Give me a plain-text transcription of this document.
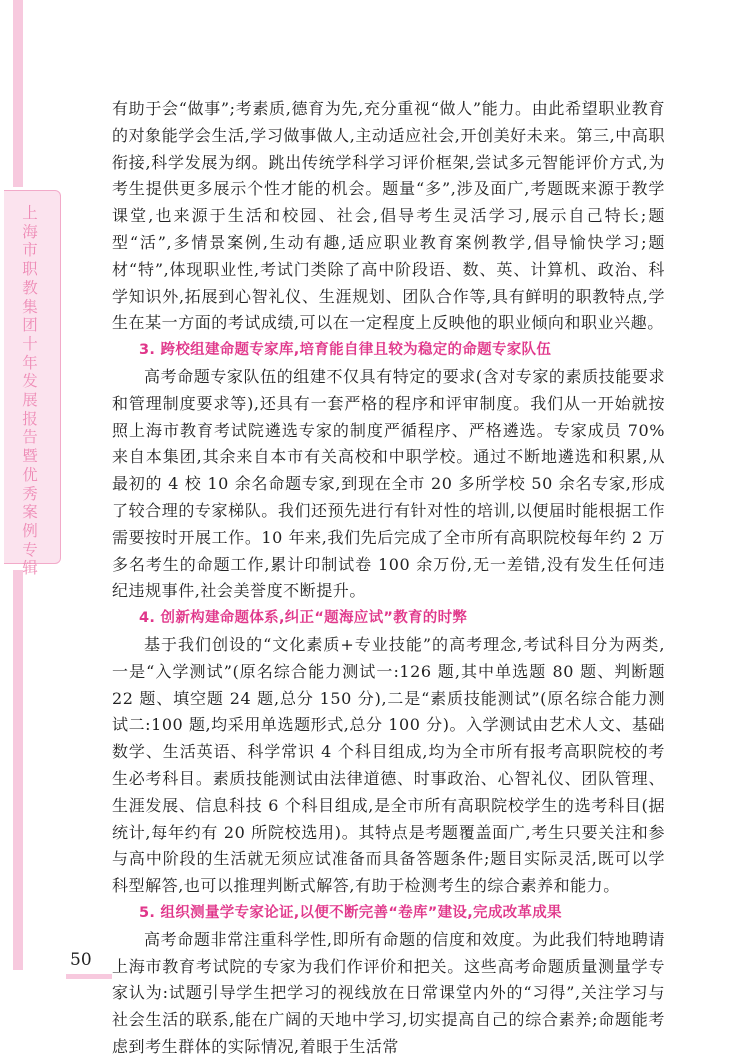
上海市职教集团十年发展报告暨优秀案例专辑

有助于会“做事”;考素质,德育为先,充分重视“做人”能力。由此希望职业教育的对象能学会生活,学习做事做人,主动适应社会,开创美好未来。第三,中高职衔接,科学发展为纲。跳出传统学科学习评价框架,尝试多元智能评价方式,为考生提供更多展示个性才能的机会。题量“多”,涉及面广,考题既来源于教学课堂,也来源于生活和校园、社会,倡导考生灵活学习,展示自己特长;题型“活”,多情景案例,生动有趣,适应职业教育案例教学,倡导愉快学习;题材“特”,体现职业性,考试门类除了高中阶段语、数、英、计算机、政治、科学知识外,拓展到心智礼仪、生涯规划、团队合作等,具有鲜明的职教特点,学生在某一方面的考试成绩,可以在一定程度上反映他的职业倾向和职业兴趣。

3. 跨校组建命题专家库,培育能自律且较为稳定的命题专家队伍

高考命题专家队伍的组建不仅具有特定的要求(含对专家的素质技能要求和管理制度要求等),还具有一套严格的程序和评审制度。我们从一开始就按照上海市教育考试院遴选专家的制度严循程序、严格遴选。专家成员 70%来自本集团,其余来自本市有关高校和中职学校。通过不断地遴选和积累,从最初的 4 校 10 余名命题专家,到现在全市 20 多所学校 50 余名专家,形成了较合理的专家梯队。我们还预先进行有针对性的培训,以便届时能根据工作需要按时开展工作。10 年来,我们先后完成了全市所有高职院校每年约 2 万多名考生的命题工作,累计印制试卷 100 余万份,无一差错,没有发生任何违纪违规事件,社会美誉度不断提升。

4. 创新构建命题体系,纠正“题海应试”教育的时弊

基于我们创设的“文化素质+专业技能”的高考理念,考试科目分为两类,一是“入学测试”(原名综合能力测试一:126 题,其中单选题 80 题、判断题 22 题、填空题 24 题,总分 150 分),二是“素质技能测试”(原名综合能力测试二:100 题,均采用单选题形式,总分 100 分)。入学测试由艺术人文、基础数学、生活英语、科学常识 4 个科目组成,均为全市所有报考高职院校的考生必考科目。素质技能测试由法律道德、时事政治、心智礼仪、团队管理、生涯发展、信息科技 6 个科目组成,是全市所有高职院校学生的选考科目(据统计,每年约有 20 所院校选用)。其特点是考题覆盖面广,考生只要关注和参与高中阶段的生活就无须应试准备而具备答题条件;题目实际灵活,既可以学科型解答,也可以推理判断式解答,有助于检测考生的综合素养和能力。

5. 组织测量学专家论证,以便不断完善“卷库”建设,完成改革成果

高考命题非常注重科学性,即所有命题的信度和效度。为此我们特地聘请上海市教育考试院的专家为我们作评价和把关。这些高考命题质量测量学专家认为:试题引导学生把学习的视线放在日常课堂内外的“习得”,关注学习与社会生活的联系,能在广阔的天地中学习,切实提高自己的综合素养;命题能考虑到考生群体的实际情况,着眼于生活常

50
